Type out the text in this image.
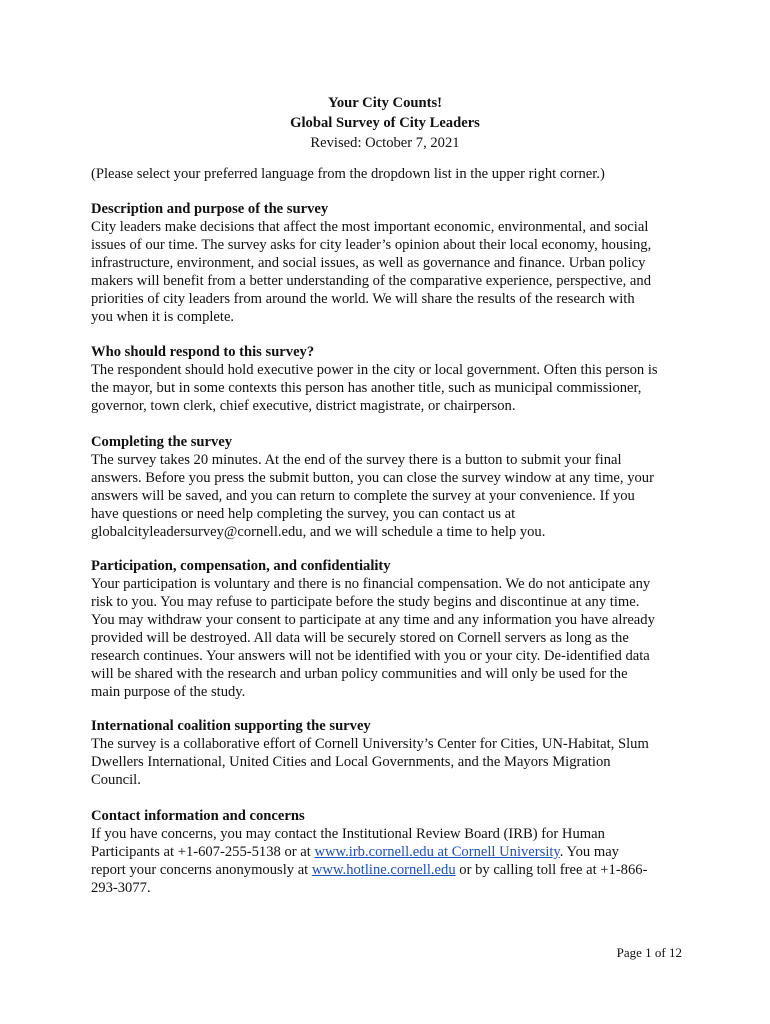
Your City Counts!
Global Survey of City Leaders
Revised: October 7, 2021
(Please select your preferred language from the dropdown list in the upper right corner.)
Description and purpose of the survey
City leaders make decisions that affect the most important economic, environmental, and social
issues of our time. The survey asks for city leader’s opinion about their local economy, housing,
infrastructure, environment, and social issues, as well as governance and finance. Urban policy
makers will benefit from a better understanding of the comparative experience, perspective, and
priorities of city leaders from around the world. We will share the results of the research with
you when it is complete.
Who should respond to this survey?
The respondent should hold executive power in the city or local government. Often this person is
the mayor, but in some contexts this person has another title, such as municipal commissioner,
governor, town clerk, chief executive, district magistrate, or chairperson.
Completing the survey
The survey takes 20 minutes. At the end of the survey there is a button to submit your final
answers. Before you press the submit button, you can close the survey window at any time, your
answers will be saved, and you can return to complete the survey at your convenience. If you
have questions or need help completing the survey, you can contact us at
globalcityleadersurvey@cornell.edu, and we will schedule a time to help you.
Participation, compensation, and confidentiality
Your participation is voluntary and there is no financial compensation. We do not anticipate any
risk to you. You may refuse to participate before the study begins and discontinue at any time.
You may withdraw your consent to participate at any time and any information you have already
provided will be destroyed. All data will be securely stored on Cornell servers as long as the
research continues. Your answers will not be identified with you or your city. De-identified data
will be shared with the research and urban policy communities and will only be used for the
main purpose of the study.
International coalition supporting the survey
The survey is a collaborative effort of Cornell University’s Center for Cities, UN-Habitat, Slum
Dwellers International, United Cities and Local Governments, and the Mayors Migration
Council.
Contact information and concerns
If you have concerns, you may contact the Institutional Review Board (IRB) for Human
Participants at +1-607-255-5138 or at www.irb.cornell.edu at Cornell University. You may
report your concerns anonymously at www.hotline.cornell.edu or by calling toll free at +1-866-
293-3077.
Page 1 of 12
